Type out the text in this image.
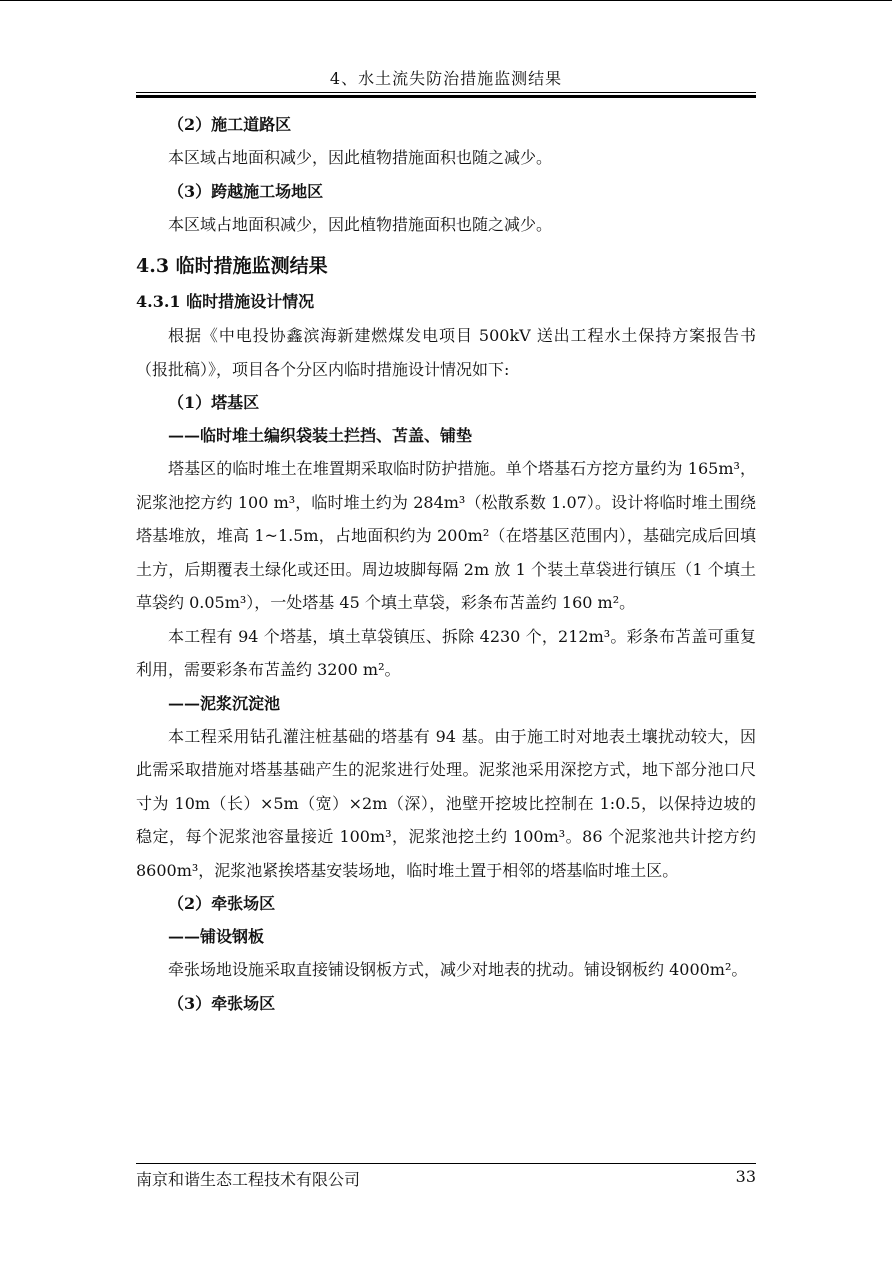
4、水土流失防治措施监测结果
（2）施工道路区

本区域占地面积减少，因此植物措施面积也随之减少。

（3）跨越施工场地区

本区域占地面积减少，因此植物措施面积也随之减少。

4.3 临时措施监测结果
4.3.1 临时措施设计情况

根据《中电投协鑫滨海新建燃煤发电项目 500kV 送出工程水土保持方案报告书（报批稿）》，项目各个分区内临时措施设计情况如下:

（1）塔基区
——临时堆土编织袋装土拦挡、苫盖、铺垫

塔基区的临时堆土在堆置期采取临时防护措施。单个塔基石方挖方量约为 165m³，泥浆池挖方约 100 m³，临时堆土约为 284m³（松散系数 1.07）。设计将临时堆土围绕塔基堆放，堆高 1~1.5m，占地面积约为 200m²（在塔基区范围内），基础完成后回填土方，后期覆表土绿化或还田。周边坡脚每隔 2m 放 1 个装土草袋进行镇压（1 个填土草袋约 0.05m³），一处塔基 45 个填土草袋，彩条布苫盖约 160 m²。

本工程有 94 个塔基，填土草袋镇压、拆除 4230 个，212m³。彩条布苫盖可重复利用，需要彩条布苫盖约 3200 m²。

——泥浆沉淀池

本工程采用钻孔灌注桩基础的塔基有 94 基。由于施工时对地表土壤扰动较大，因此需采取措施对塔基基础产生的泥浆进行处理。泥浆池采用深挖方式，地下部分池口尺寸为 10m（长）×5m（宽）×2m（深），池壁开挖坡比控制在 1:0.5，以保持边坡的稳定，每个泥浆池容量接近 100m³，泥浆池挖土约 100m³。86 个泥浆池共计挖方约 8600m³，泥浆池紧挨塔基安装场地，临时堆土置于相邻的塔基临时堆土区。

（2）牵张场区
——铺设钢板

牵张场地设施采取直接铺设钢板方式，减少对地表的扰动。铺设钢板约 4000m²。

（3）牵张场区
南京和谐生态工程技术有限公司	33
